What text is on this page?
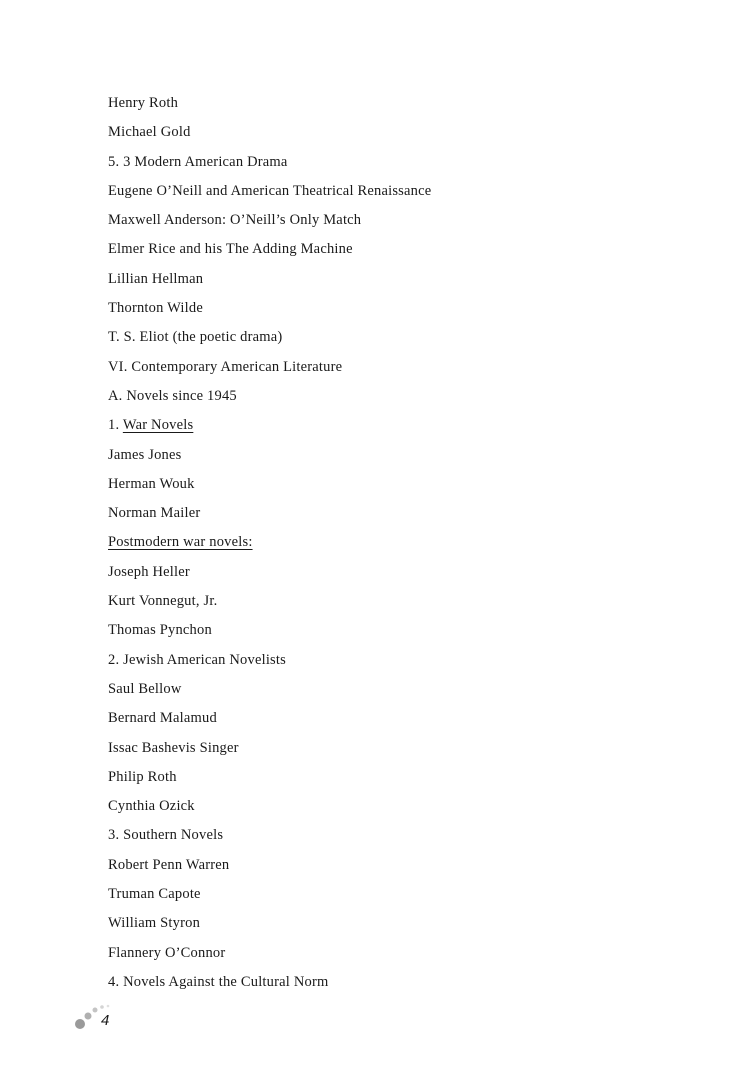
Henry Roth
Michael Gold
5. 3 Modern American Drama
Eugene O’Neill and American Theatrical Renaissance
Maxwell Anderson: O’Neill’s Only Match
Elmer Rice and his The Adding Machine
Lillian Hellman
Thornton Wilde
T. S. Eliot (the poetic drama)
VI. Contemporary American Literature
A. Novels since 1945
1. War Novels
James Jones
Herman Wouk
Norman Mailer
Postmodern war novels:
Joseph Heller
Kurt Vonnegut, Jr.
Thomas Pynchon
2. Jewish American Novelists
Saul Bellow
Bernard Malamud
Issac Bashevis Singer
Philip Roth
Cynthia Ozick
3. Southern Novels
Robert Penn Warren
Truman Capote
William Styron
Flannery O’Connor
4. Novels Against the Cultural Norm
4
